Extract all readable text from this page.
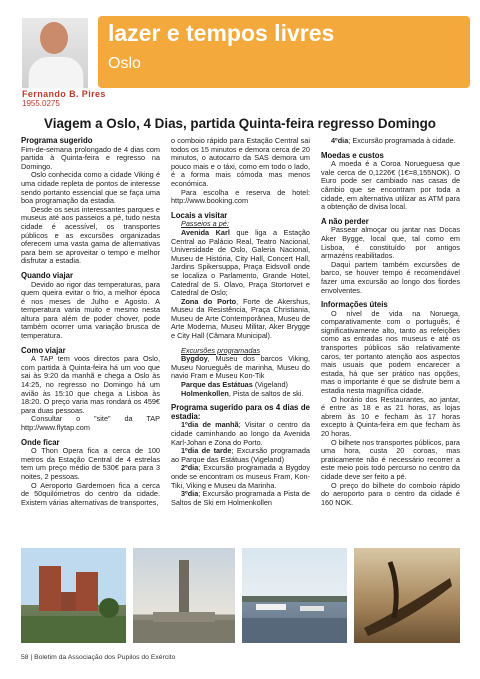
lazer e tempos livres
Oslo
Fernando B. Pires
1955.0275
Viagem a Oslo, 4 Dias, partida Quinta-feira regresso Domingo

Programa sugerido

Fim-de-semana prolongado de 4 dias com partida à Quinta-feira e regresso na Domingo.

Oslo conhecida como a cidade Viking é uma cidade repleta de pontos de interesse sendo portanto essencial que se faça uma boa programação da estadia.

Desde os seus interessantes parques e museus até aos passeios a pé, tudo nesta cidade é acessível, os transportes públicos e as excursões organizadas oferecem uma vasta gama de alternativas para bem se aproveitar o tempo e melhor disfrutar a estadia.

Quando viajar

Devido ao rigor das temperaturas, para quem queira evitar o frio, a melhor época é nos meses de Julho e Agosto. A temperatura varia muito e mesmo nesta altura para além de poder chover, pode também ocorrer uma variação brusca de temperatura.

Como viajar

A TAP tem voos directos para Oslo, com partida à Quinta-feira há um voo que sai às 9:20 da manhã e chega a Oslo às 14:25, no regresso no Domingo há um avião às 15:10 que chega a Lisboa às 18:20. O preço varia mas rondará os 459€ para duas pessoas.

Consultar o "site" da TAP http://www.flytap.com

Onde ficar

O Thon Opera fica a cerca de 100 metros da Estação Central de 4 estrelas tem um preço médio de 530€ para para 3 noites, 2 pessoas.

O Aeroporto Gardemoen fica a cerca de 50quilómetros do centro da cidade. Existem várias alternativas de transportes,

o comboio rápido para Estação Central sai todos os 15 minutos e demora cerca de 20 minutos, o autocarro da SAS demora um pouco mais e o táxi, como em todo o lado, é a forma mais cómoda mas menos económica.

Para escolha e reserva de hotel: http://www.booking.com

Locais a visitar

Passeios a pé:

Avenida Karl que liga a Estação Central ao Palácio Real, Teatro Nacional, Universidade de Oslo, Galeria Nacional, Museu de História, City Hall, Concert Hall, Jardins Spikersuppa, Praça Eidsvoll onde se localiza o Parlamento, Grande Hotel, Catedral de S. Olavo, Praça Stortorvet e Catedral de Oslo;

Zona do Porto, Forte de Akershus, Museu da Resistência, Praça Christiania, Museu de Arte Contemporânea, Museu de Arte Moderna, Museu Militar, Aker Brygge e City Hall (Câmara Municipal).

Excursões programadas

Bygdoy, Museu dos barcos Viking, Museu Norueguês de marinha, Museu do navio Fram e Museu Kon-Tik

Parque das Estátuas (Vigeland)

Holmenkollen, Pista de saltos de ski.

Programa sugerido para os 4 dias de estadia:

1ºdia de manhã; Visitar o centro da cidade caminhando ao longo da Avenida Karl-Johan e Zona do Porto.

1ºdia de tarde; Excursão programada ao Parque das Estátuas (Vigeland)

2ºdia; Excursão programada a Bygdoy onde se encontram os museus Fram, Kon-Tiki, Viking e Museu da Marinha.

3ºdia; Excursão programada a Pista de Saltos de Ski em Holmenkollen

4ºdia; Excursão programada à cidade.

Moedas e custos

A moeda é a Coroa Norueguesa que vale cerca de 0,1226€ (1€=8,155NOK). O Euro pode ser cambiado nas casas de câmbio que se encontram por toda a cidade, em alternativa utilizar as ATM para a obtenção de divisa local.

A não perder

Passear almoçar ou jantar nas Docas Aker Bygge, local que, tal como em Lisboa, é constituído por antigos armazéns reabilitados.

Daqui partem também excursões de barco, se houver tempo é recomendável fazer uma excursão ao longo dos fiordes envolventes.

Informações úteis

O nível de vida na Noruega, comparativamente com o português, é significativamente alto, tanto as refeições como as entradas nos museus e até os transportes públicos são relativamente caros, ter portanto atenção aos aspectos mais usuais que podem encarecer a estada, há que ser prático nas opções, mas o importante é que se disfrute bem a estadia nesta magnífica cidade.

O horário dos Restaurantes, ao jantar, é entre as 18 e as 21 horas, as lojas abrem às 10 e fecham às 17 horas excepto à Quinta-feira em que fecham às 20 horas.

O bilhete nos transportes públicos, para uma hora, custa 20 coroas, mas praticamente não é necessário recorrer a este meio pois todo percurso no centro da cidade deve ser feito a pé.

O preço do bilhete do comboio rápido do aeroporto para o centro da cidade é 160 NOK.

58 | Boletim da Associação dos Pupilos do Exército
